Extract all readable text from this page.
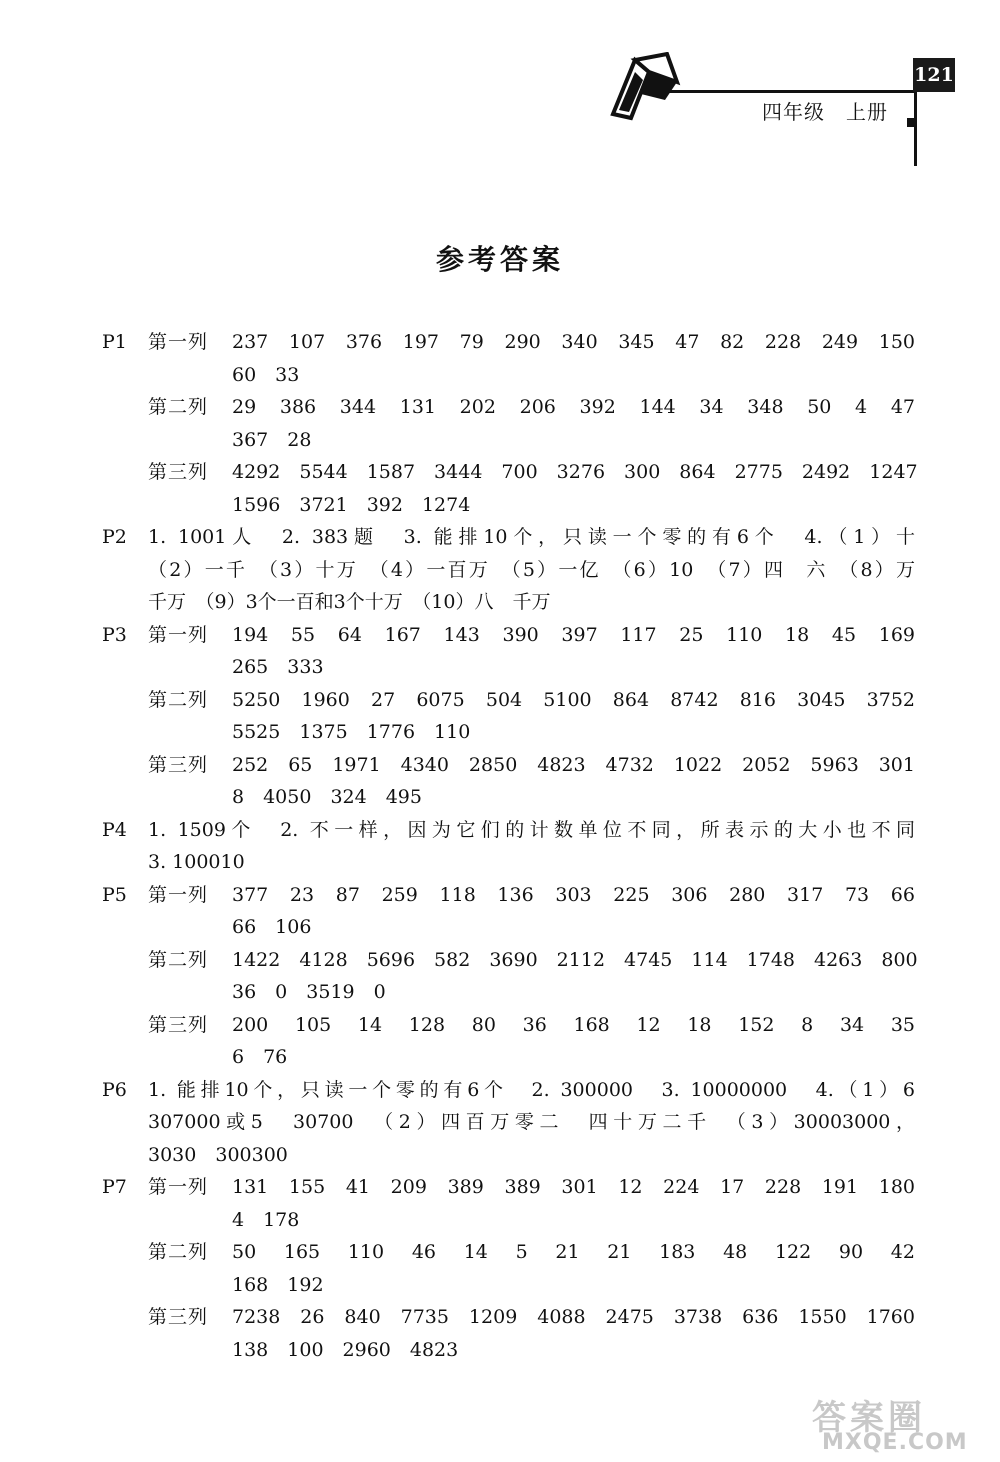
121
四年级　上册
参考答案
P1 第一列 237　107　376　197　79　290　340　345　47　82　228　249　150
60　33
第二列 29　386　344　131　202　206　392　144　34　348　50　4　47
367　28
第三列 4292　5544　1587　3444　700　3276　300　864　2775　2492　1247
1596　3721　392　1274
P2 1. 1001人　2. 383题　3. 能排10个，只读一个零的有6个　4.（1）十
（2）一千　（3）十万　（4）一百万　（5）一亿　（6）10　（7）四　六　（8）万
千万　（9）3个一百和3个十万　（10）八　千万
P3 第一列 194　55　64　167　143　390　397　117　25　110　18　45　169
265　333
第二列 5250　1960　27　6075　504　5100　864　8742　816　3045　3752
5525　1375　1776　110
第三列 252　65　1971　4340　2850　4823　4732　1022　2052　5963　301
8　4050　324　495
P4 1. 1509个　2. 不一样，因为它们的计数单位不同，所表示的大小也不同
3. 100010
P5 第一列 377　23　87　259　118　136　303　225　306　280　317　73　66
66　106
第二列 1422　4128　5696　582　3690　2112　4745　114　1748　4263　800
36　0　3519　0
第三列 200　105　14　128　80　36　168　12　18　152　8　34　35
6　76
P6 1. 能排10个，只读一个零的有6个　2. 300000　3. 10000000　4.（1）6
307000或5　30700　（2）四百万零二　四十万二千　（3）30003000，
3030　300300
P7 第一列 131　155　41　209　389　389　301　12　224　17　228　191　180
4　178
第二列 50　165　110　46　14　5　21　21　183　48　122　90　42
168　192
第三列 7238　26　840　7735　1209　4088　2475　3738　636　1550　1760
138　100　2960　4823
答案圈
MXQE.COM
